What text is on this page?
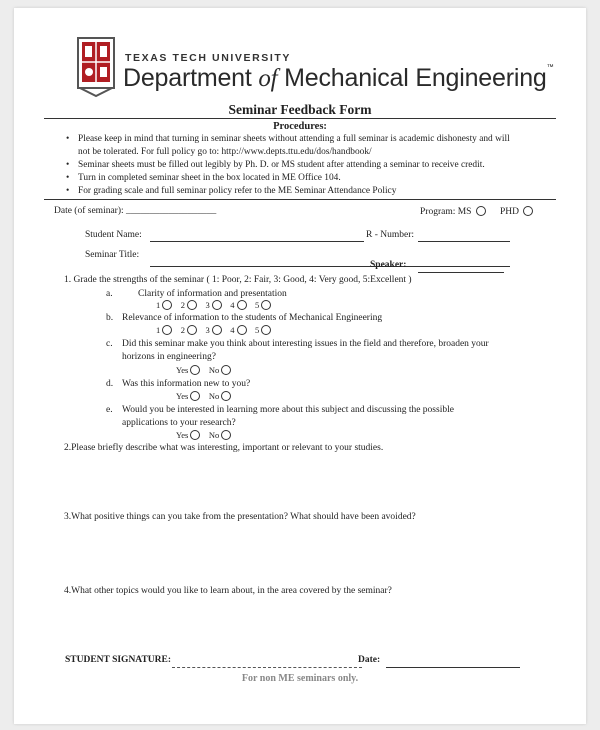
TEXAS TECH UNIVERSITY
Department of Mechanical Engineering™
Seminar Feedback Form
Procedures:
• Please keep in mind that turning in seminar sheets without attending a full seminar is academic dishonesty and will
not be tolerated. For full policy go to: http://www.depts.ttu.edu/dos/handbook/
• Seminar sheets must be filled out legibly by Ph. D. or MS student after attending a seminar to receive credit.
• Turn in completed seminar sheet in the box located in ME Office 104.
• For grading scale and full seminar policy refer to the ME Seminar Attendance Policy
Date (of seminar): ___________________	Program: MS	PHD
Student Name:	R - Number:
Seminar Title:
Speaker:
1. Grade the strengths of the seminar ( 1: Poor, 2: Fair, 3: Good, 4: Very good, 5:Excellent )
a.	Clarity of information and presentation
1 2 3 4 5
b. Relevance of information to the students of Mechanical Engineering
1 2 3 4 5
c. Did this seminar make you think about interesting issues in the field and therefore, broaden your
horizons in engineering?
Yes No
d. Was this information new to you?
Yes No
e. Would you be interested in learning more about this subject and discussing the possible
applications to your research?
Yes No
2.Please briefly describe what was interesting, important or relevant to your studies.
3.What positive things can you take from the presentation? What should have been avoided?
4.What other topics would you like to learn about, in the area covered by the seminar?
STUDENT SIGNATURE:	Date:
For non ME seminars only.
